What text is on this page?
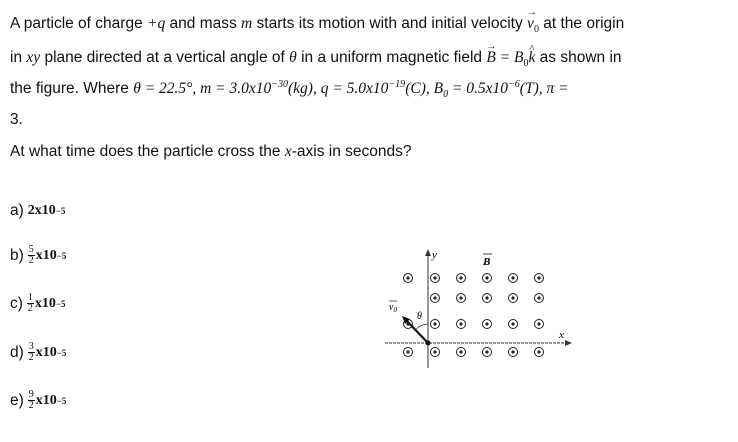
A particle of charge +q and mass m starts its motion with and initial velocity → $v_0$ at the origin
in xy plane directed at a vertical angle of θ in a uniform magnetic field → $B = B_0\^{}$ k as shown in
the figure. Where θ = 22.5°, $m = 3.0x10^{-30}(kg)$, $q = 5.0x10^{-19}(C)$, $B_0 = 0.5x10^{-6}(T)$, π =
3.
At what time does the particle cross the x-axis in seconds?
a) 2x10 −5
$b) \frac{5}{2} x10 -5$
$c) \frac{1}{2} x10 -5$
$d) \frac{3}{2} x10 -5$
$e) \frac{9}{2} x10 -5$
y
x
B
$v_0$
θ
